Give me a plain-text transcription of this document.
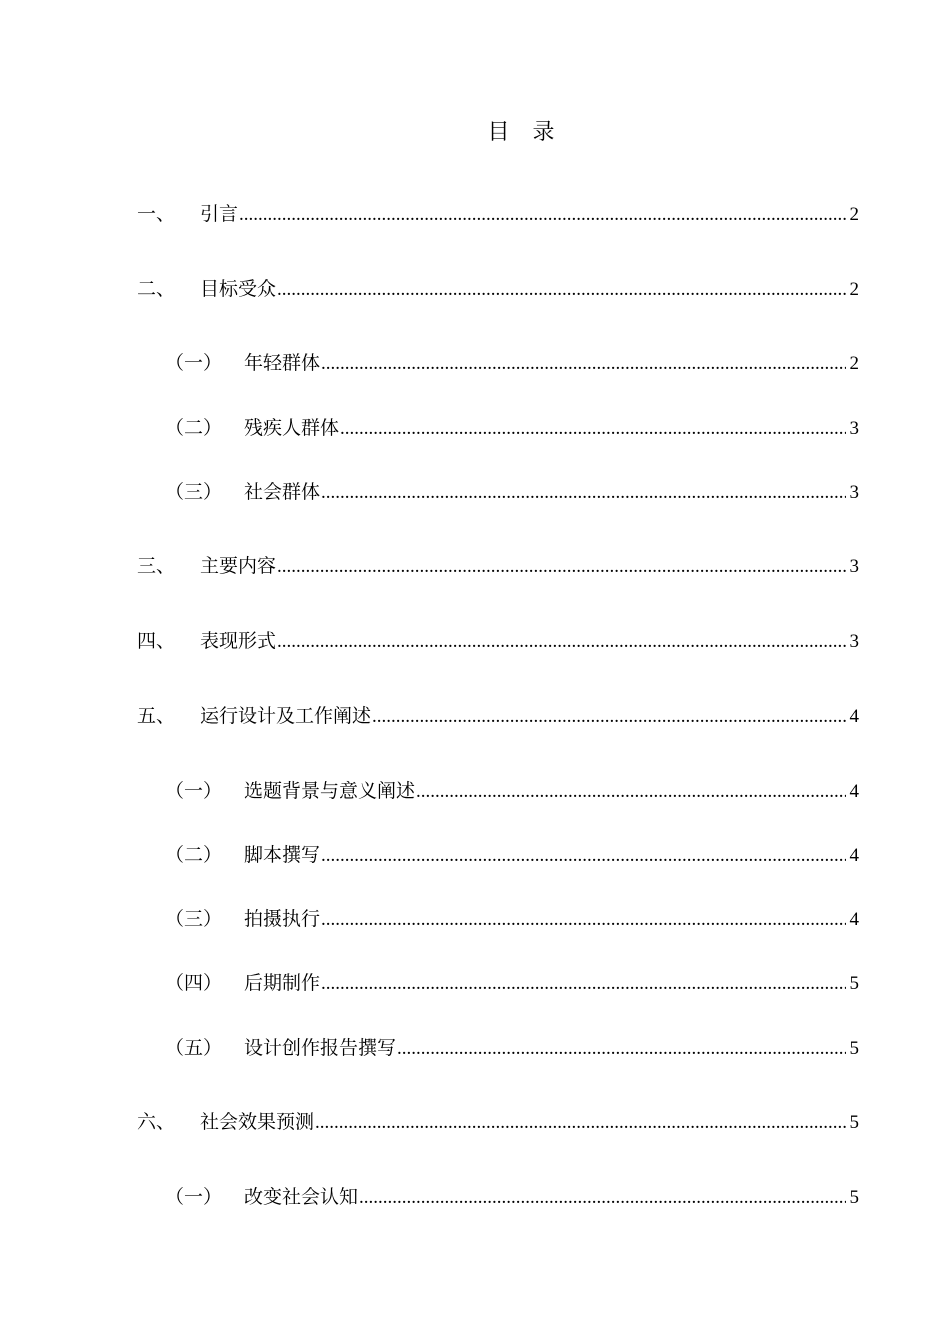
目 录
一、	引言 .....	2
二、	目标受众 .....	2
（一）	年轻群体 .....	2
（二）	残疾人群体 .....	3
（三）	社会群体 .....	3
三、	主要内容 .....	3
四、	表现形式 .....	3
五、	运行设计及工作阐述 .....	4
（一）	选题背景与意义阐述 .....	4
（二）	脚本撰写 .....	4
（三）	拍摄执行 .....	4
（四）	后期制作 .....	5
（五）	设计创作报告撰写 .....	5
六、	社会效果预测 .....	5
（一）	改变社会认知 .....	5
